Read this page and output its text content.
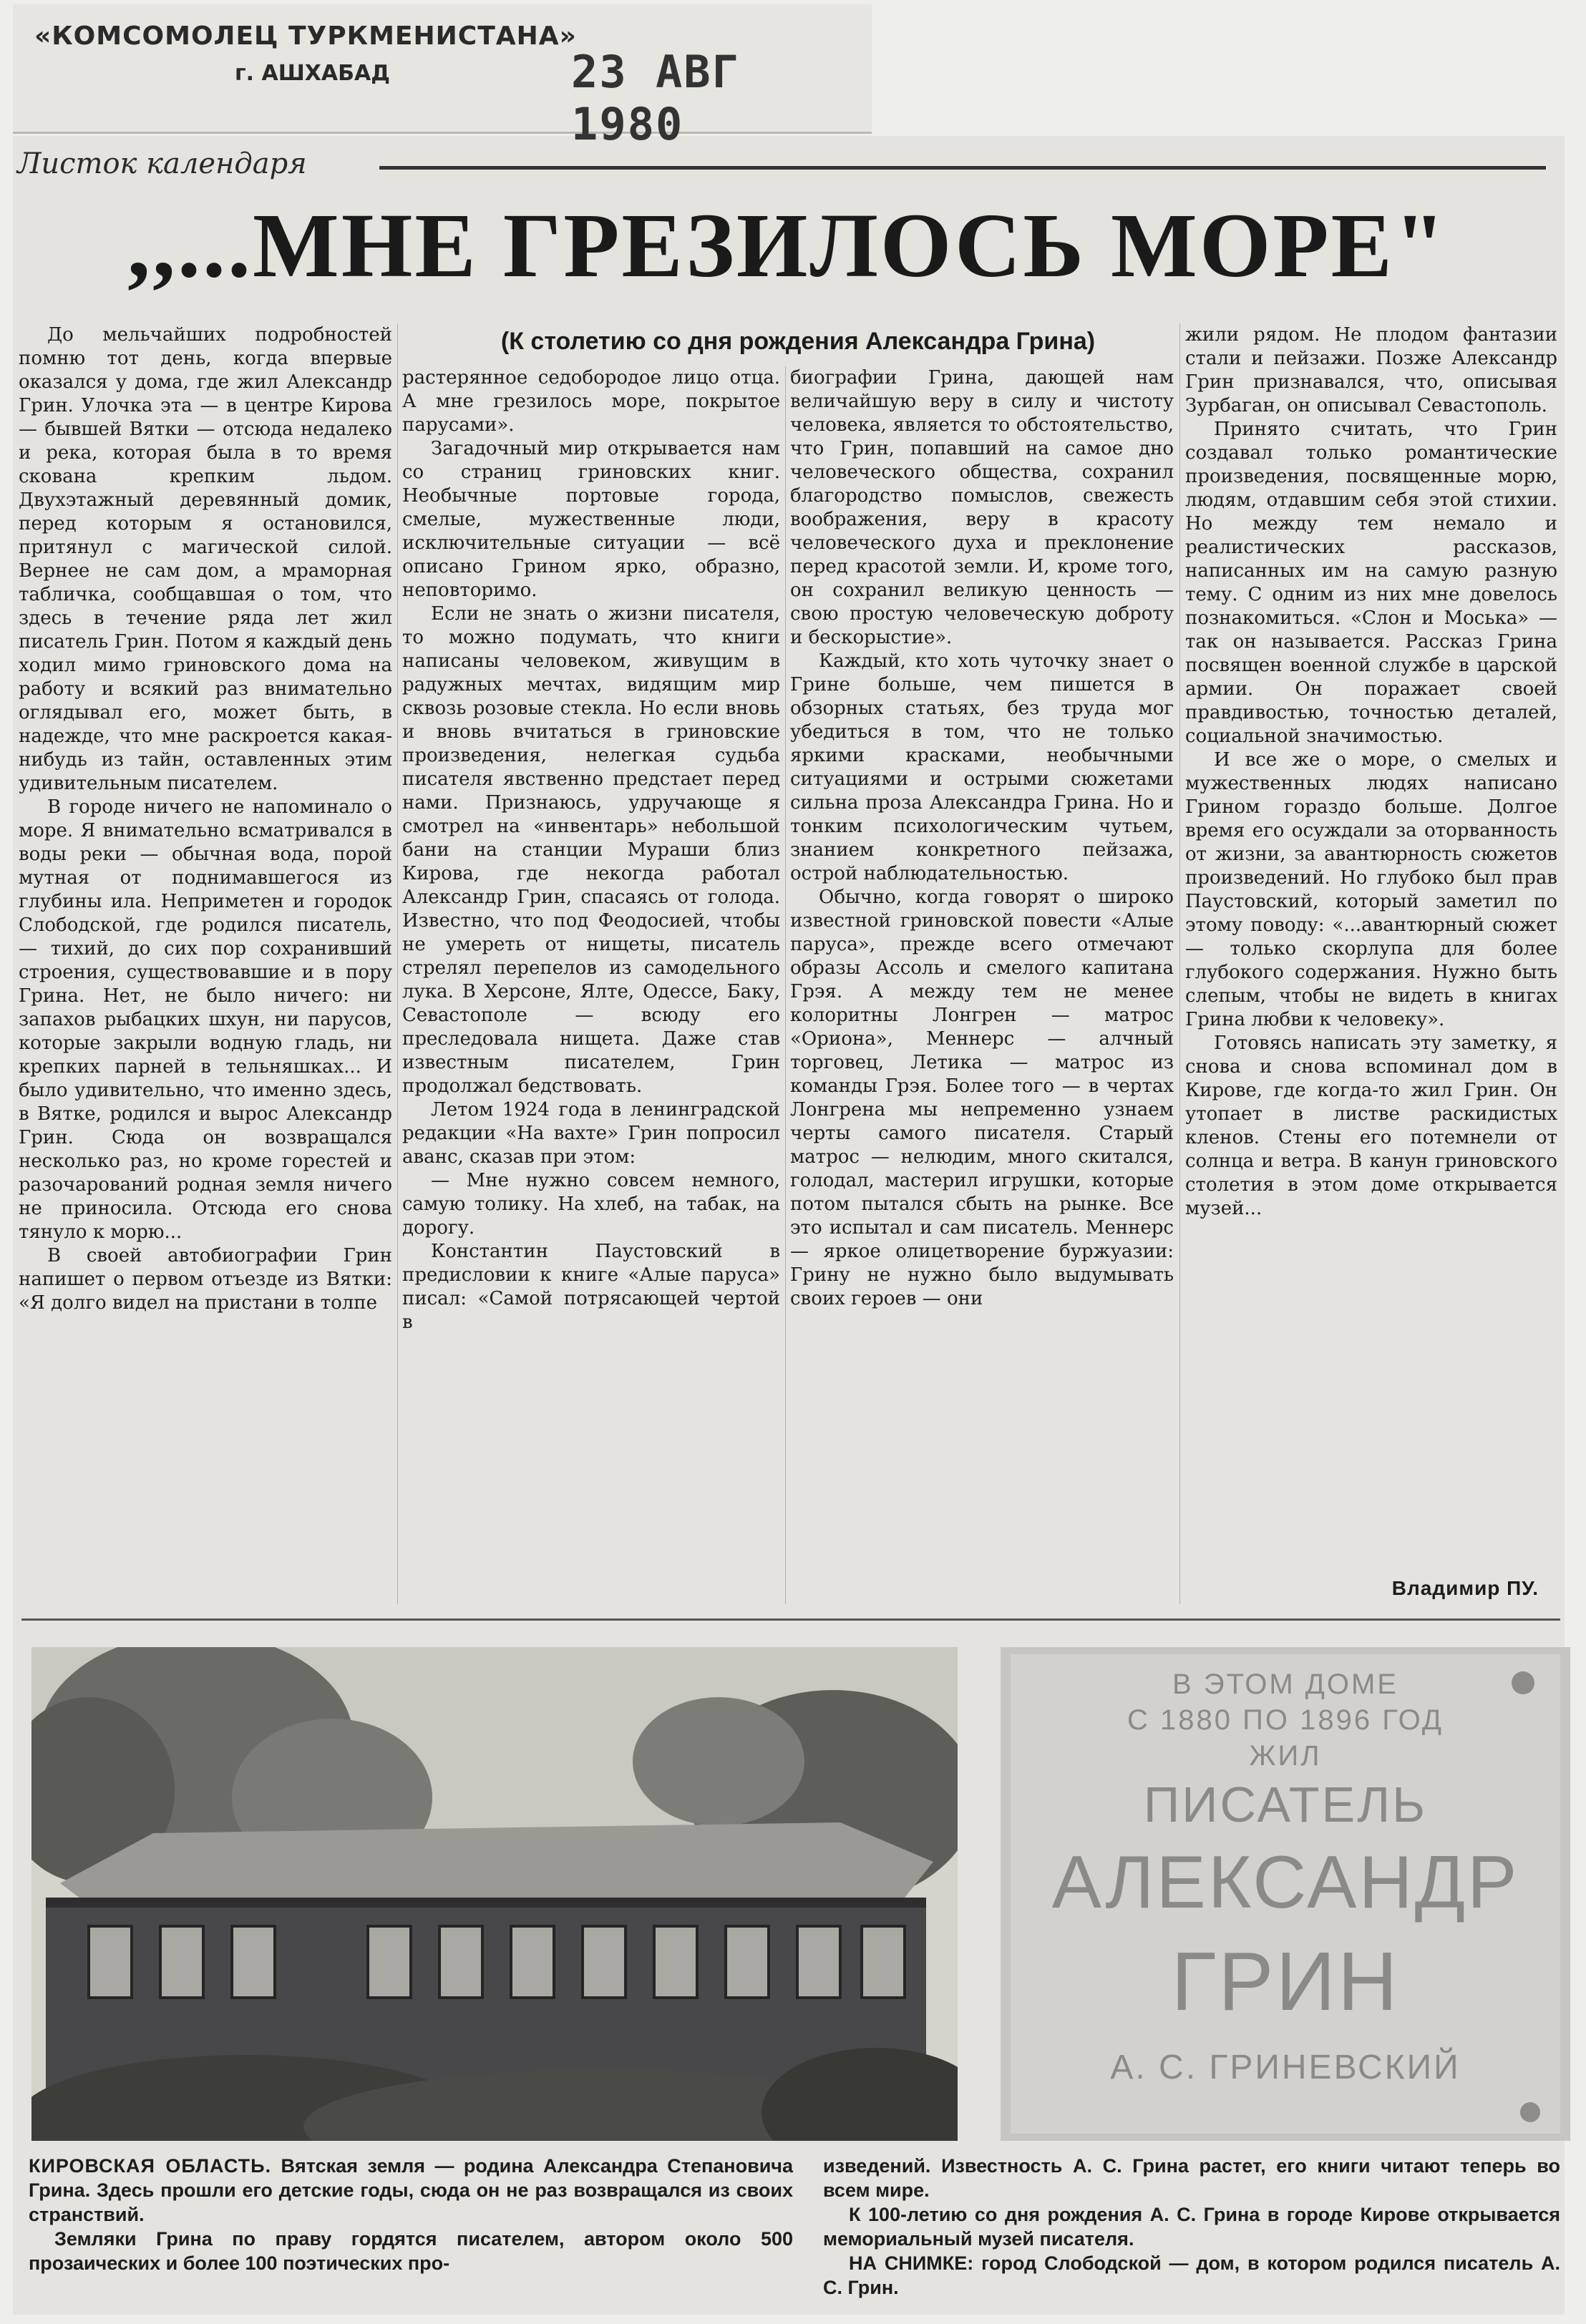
«КОМСОМОЛЕЦ ТУРКМЕНИСТАНА»
г. АШХАБАД	23 АВГ 1980
Листок календаря
,,...МНЕ ГРЕЗИЛОСЬ МОРЕ"
(К столетию со дня рождения Александра Грина)

До мельчайших подробностей помню тот день, когда впервые оказался у дома, где жил Александр Грин. Улочка эта — в центре Кирова — бывшей Вятки — отсюда недалеко и река, которая была в то время скована крепким льдом. Двухэтажный деревянный домик, перед которым я остановился, притянул с магической силой. Вернее не сам дом, а мраморная табличка, сообщавшая о том, что здесь в течение ряда лет жил писатель Грин. Потом я каждый день ходил мимо гриновского дома на работу и всякий раз внимательно оглядывал его, может быть, в надежде, что мне раскроется какая-нибудь из тайн, оставленных этим удивительным писателем.

В городе ничего не напоминало о море. Я внимательно всматривался в воды реки — обычная вода, порой мутная от поднимавшегося из глубины ила. Неприметен и городок Слободской, где родился писатель, — тихий, до сих пор сохранивший строения, существовавшие и в пору Грина. Нет, не было ничего: ни запахов рыбацких шхун, ни парусов, которые закрыли водную гладь, ни крепких парней в тельняшках... И было удивительно, что именно здесь, в Вятке, родился и вырос Александр Грин. Сюда он возвращался несколько раз, но кроме горестей и разочарований родная земля ничего не приносила. Отсюда его снова тянуло к морю...

В своей автобиографии Грин напишет о первом отъезде из Вятки: «Я долго видел на пристани в толпе

растерянное седобородое лицо отца. А мне грезилось море, покрытое парусами».

Загадочный мир открывается нам со страниц гриновских книг. Необычные портовые города, смелые, мужественные люди, исключительные ситуации — всё описано Грином ярко, образно, неповторимо.

Если не знать о жизни писателя, то можно подумать, что книги написаны человеком, живущим в радужных мечтах, видящим мир сквозь розовые стекла. Но если вновь и вновь вчитаться в гриновские произведения, нелегкая судьба писателя явственно предстает перед нами. Признаюсь, удручающе я смотрел на «инвентарь» небольшой бани на станции Мураши близ Кирова, где некогда работал Александр Грин, спасаясь от голода. Известно, что под Феодосией, чтобы не умереть от нищеты, писатель стрелял перепелов из самодельного лука. В Херсоне, Ялте, Одессе, Баку, Севастополе — всюду его преследовала нищета. Даже став известным писателем, Грин продолжал бедствовать.

Летом 1924 года в ленинградской редакции «На вахте» Грин попросил аванс, сказав при этом:

— Мне нужно совсем немного, самую толику. На хлеб, на табак, на дорогу.

Константин Паустовский в предисловии к книге «Алые паруса» писал: «Самой потрясающей чертой в

биографии Грина, дающей нам величайшую веру в силу и чистоту человека, является то обстоятельство, что Грин, попавший на самое дно человеческого общества, сохранил благородство помыслов, свежесть воображения, веру в красоту человеческого духа и преклонение перед красотой земли. И, кроме того, он сохранил великую ценность — свою простую человеческую доброту и бескорыстие».

Каждый, кто хоть чуточку знает о Грине больше, чем пишется в обзорных статьях, без труда мог убедиться в том, что не только яркими красками, необычными ситуациями и острыми сюжетами сильна проза Александра Грина. Но и тонким психологическим чутьем, знанием конкретного пейзажа, острой наблюдательностью.

Обычно, когда говорят о широко известной гриновской повести «Алые паруса», прежде всего отмечают образы Ассоль и смелого капитана Грэя. А между тем не менее колоритны Лонгрен — матрос «Ориона», Меннерс — алчный торговец, Летика — матрос из команды Грэя. Более того — в чертах Лонгрена мы непременно узнаем черты самого писателя. Старый матрос — нелюдим, много скитался, голодал, мастерил игрушки, которые потом пытался сбыть на рынке. Все это испытал и сам писатель. Меннерс — яркое олицетворение буржуазии: Грину не нужно было выдумывать своих героев — они

жили рядом. Не плодом фантазии стали и пейзажи. Позже Александр Грин признавался, что, описывая Зурбаган, он описывал Севастополь.

Принято считать, что Грин создавал только романтические произведения, посвященные морю, людям, отдавшим себя этой стихии. Но между тем немало и реалистических рассказов, написанных им на самую разную тему. С одним из них мне довелось познакомиться. «Слон и Моська» — так он называется. Рассказ Грина посвящен военной службе в царской армии. Он поражает своей правдивостью, точностью деталей, социальной значимостью.

И все же о море, о смелых и мужественных людях написано Грином гораздо больше. Долгое время его осуждали за оторванность от жизни, за авантюрность сюжетов произведений. Но глубоко был прав Паустовский, который заметил по этому поводу: «...авантюрный сюжет — только скорлупа для более глубокого содержания. Нужно быть слепым, чтобы не видеть в книгах Грина любви к человеку».

Готовясь написать эту заметку, я снова и снова вспоминал дом в Кирове, где когда-то жил Грин. Он утопает в листве раскидистых кленов. Стены его потемнели от солнца и ветра. В канун гриновского столетия в этом доме открывается музей...

Владимир ПУ.
В ЭТОМ ДОМЕ
С 1880 ПО 1896 ГОД
ЖИЛ
ПИСАТЕЛЬ
АЛЕКСАНДР
ГРИН
А. С. ГРИНЕВСКИЙ

КИРОВСКАЯ ОБЛАСТЬ. Вятская земля — родина Александра Степановича Грина. Здесь прошли его детские годы, сюда он не раз возвращался из своих странствий.

Земляки Грина по праву гордятся писателем, автором около 500 прозаических и более 100 поэтических про-

изведений. Известность А. С. Грина растет, его книги читают теперь во всем мире.

К 100-летию со дня рождения А. С. Грина в городе Кирове открывается мемориальный музей писателя.

НА СНИМКЕ: город Слободской — дом, в котором родился писатель А. С. Грин.
